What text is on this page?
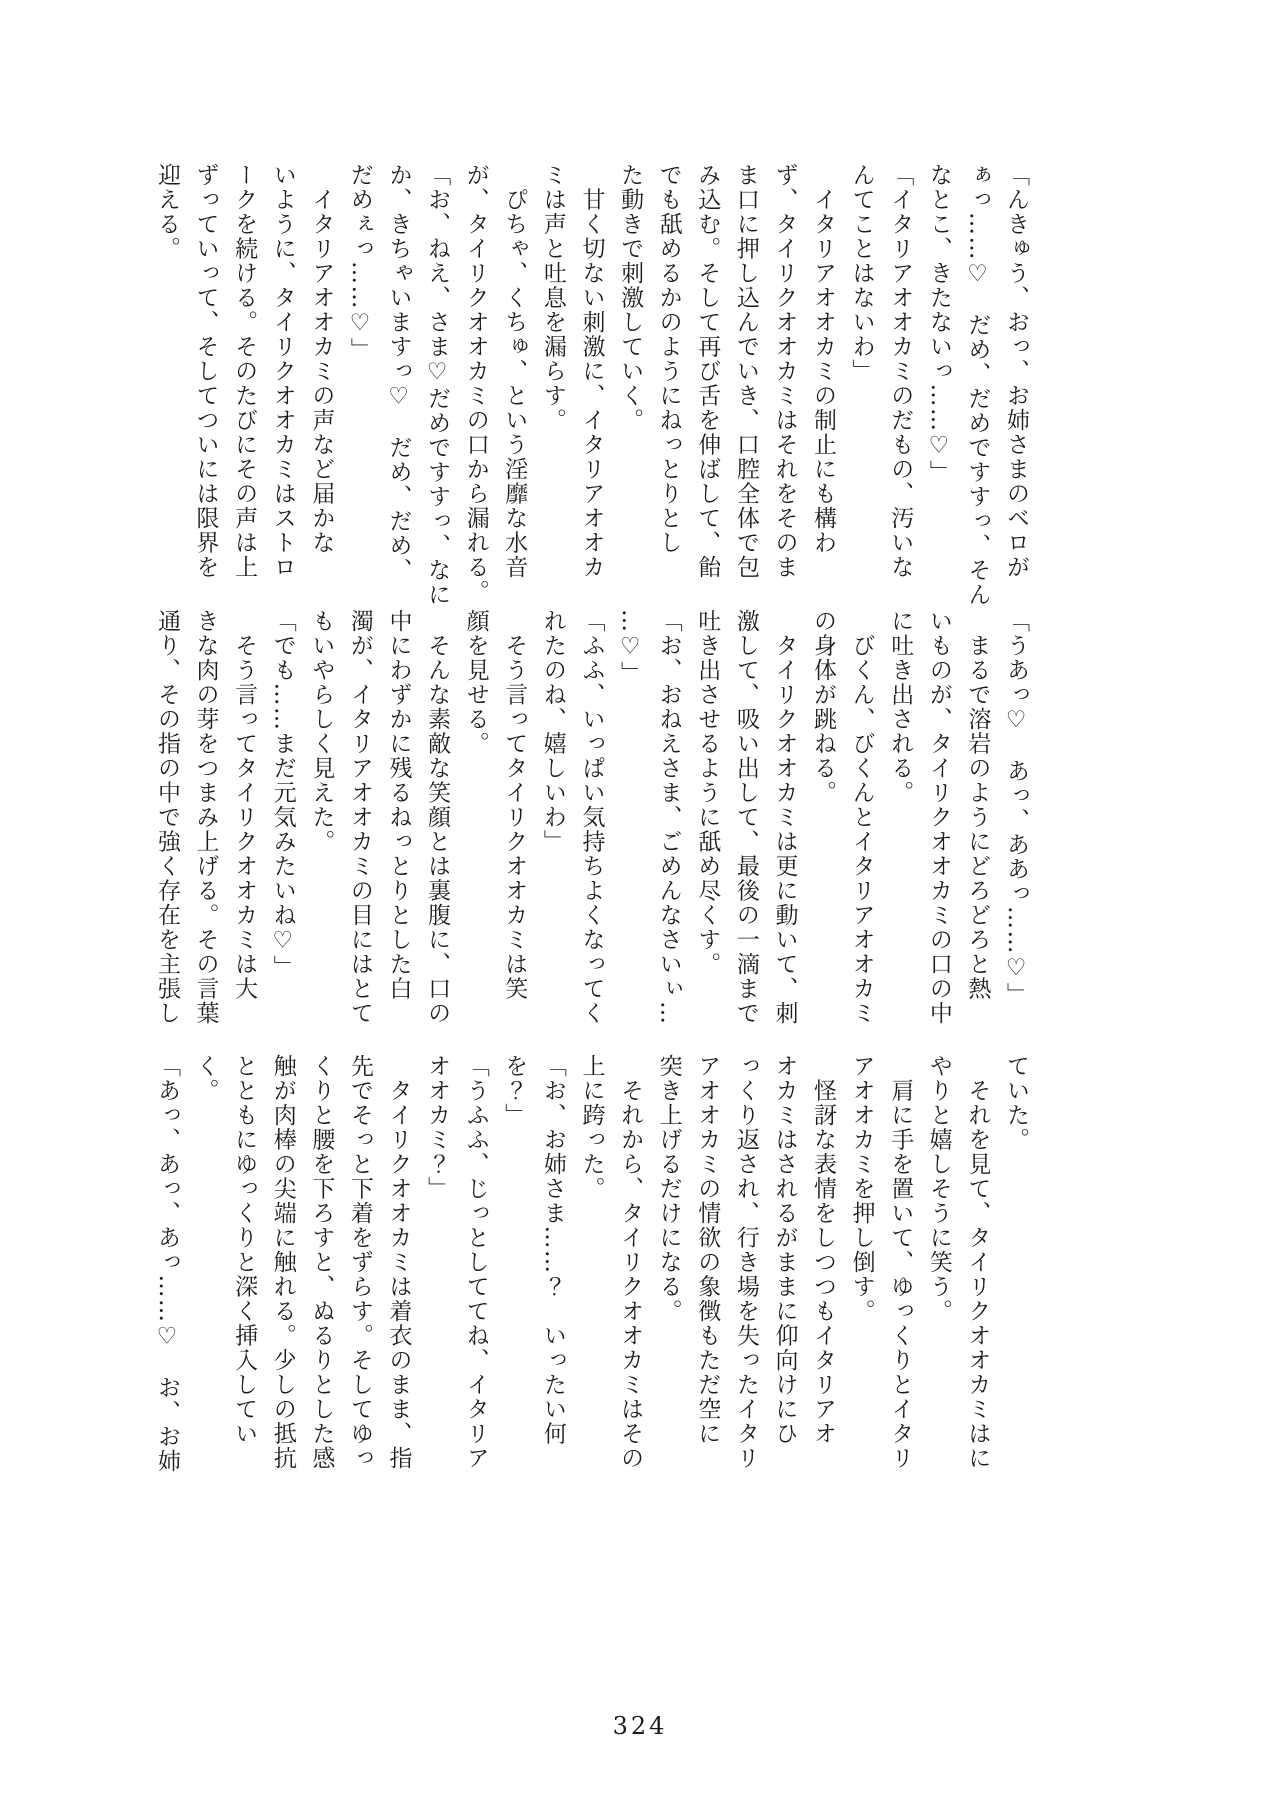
「んきゅう、おっ、お姉さまのベロが

ぁっ……♡　だめ、だめですすっ、そん

なとこ、きたないっ……♡」

「イタリアオオカミのだもの、汚いな

んてことはないわ」

　イタリアオオカミの制止にも構わ

ず、タイリクオオカミはそれをそのま

ま口に押し込んでいき、口腔全体で包

み込む。そして再び舌を伸ばして、飴

でも舐めるかのようにねっとりとし

た動きで刺激していく。

　甘く切ない刺激に、イタリアオオカ

ミは声と吐息を漏らす。

　ぴちゃ、くちゅ、という淫靡な水音

が、タイリクオオカミの口から漏れる。

「お、ねえ、さま♡だめですすっ、なに

か、きちゃいますっ♡　だめ、だめ、

だめぇっ……♡」

　イタリアオオカミの声など届かな

いように、タイリクオオカミはストロ

ークを続ける。そのたびにその声は上

ずっていって、そしてついには限界を

迎える。

「うあっ♡　あっ、ああっ……♡」

　まるで溶岩のようにどろどろと熱

いものが、タイリクオオカミの口の中

に吐き出される。

　びくん、びくんとイタリアオオカミ

の身体が跳ねる。

　タイリクオオカミは更に動いて、刺

激して、吸い出して、最後の一滴まで

吐き出させるように舐め尽くす。

「お、おねえさま、ごめんなさいぃ…

…♡」

「ふふ、いっぱい気持ちよくなってく

れたのね、嬉しいわ」

　そう言ってタイリクオオカミは笑

顔を見せる。

　そんな素敵な笑顔とは裏腹に、口の

中にわずかに残るねっとりとした白

濁が、イタリアオオカミの目にはとて

もいやらしく見えた。

「でも……まだ元気みたいね♡」

　そう言ってタイリクオオカミは大

きな肉の芽をつまみ上げる。その言葉

通り、その指の中で強く存在を主張し

ていた。

　それを見て、タイリクオオカミはに

やりと嬉しそうに笑う。

　肩に手を置いて、ゆっくりとイタリ

アオオカミを押し倒す。

　怪訝な表情をしつつもイタリアオ

オカミはされるがままに仰向けにひ

っくり返され、行き場を失ったイタリ

アオオカミの情欲の象徴もただ空に

突き上げるだけになる。

　それから、タイリクオオカミはその

上に跨った。

「お、お姉さま……？　いったい何

を？」

「うふふ、じっとしててね、イタリア

オオカミ？」

　タイリクオオカミは着衣のまま、指

先でそっと下着をずらす。そしてゆっ

くりと腰を下ろすと、ぬるりとした感

触が肉棒の尖端に触れる。少しの抵抗

とともにゆっくりと深く挿入してい

く。

「あっ、あっ、あっ……♡　お、お姉

324
